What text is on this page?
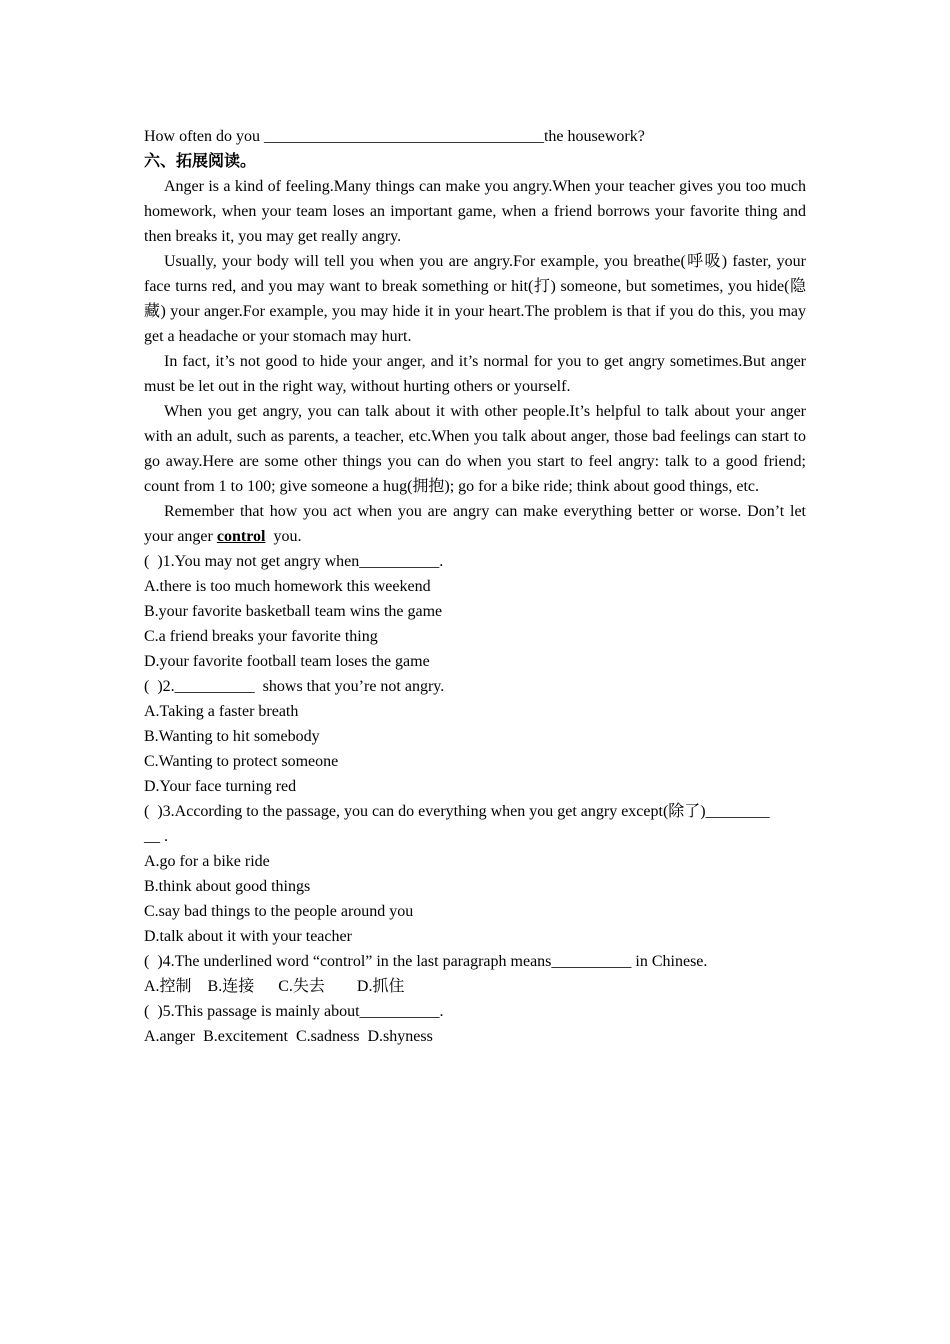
How often do you ___________________________________the housework?
六、拓展阅读。

Anger is a kind of feeling.Many things can make you angry.When your teacher gives you too much homework, when your team loses an important game, when a friend borrows your favorite thing and then breaks it, you may get really angry.

Usually, your body will tell you when you are angry.For example, you breathe(呼吸) faster, your face turns red, and you may want to break something or hit(打) someone, but sometimes, you hide(隐藏) your anger.For example, you may hide it in your heart.The problem is that if you do this, you may get a headache or your stomach may hurt.

In fact, it’s not good to hide your anger, and it’s normal for you to get angry sometimes.But anger must be let out in the right way, without hurting others or yourself.

When you get angry, you can talk about it with other people.It’s helpful to talk about your anger with an adult, such as parents, a teacher, etc.When you talk about anger, those bad feelings can start to go away.Here are some other things you can do when you start to feel angry: talk to a good friend; count from 1 to 100; give someone a hug(拥抱); go for a bike ride; think about good things, etc.

Remember that how you act when you are angry can make everything better or worse. Don’t let your anger control  you.

(  )1.You may not get angry when__________.
A.there is too much homework this weekend
B.your favorite basketball team wins the game
C.a friend breaks your favorite thing
D.your favorite football team loses the game
(  )2.__________  shows that you’re not angry.
A.Taking a faster breath
B.Wanting to hit somebody
C.Wanting to protect someone
D.Your face turning red
(  )3.According to the passage, you can do everything when you get angry except(除了)________
__ .
A.go for a bike ride
B.think about good things
C.say bad things to the people around you
D.talk about it with your teacher
(  )4.The underlined word “control” in the last paragraph means__________ in Chinese.
A.控制    B.连接      C.失去        D.抓住
(  )5.This passage is mainly about__________.
A.anger  B.excitement  C.sadness  D.shyness
